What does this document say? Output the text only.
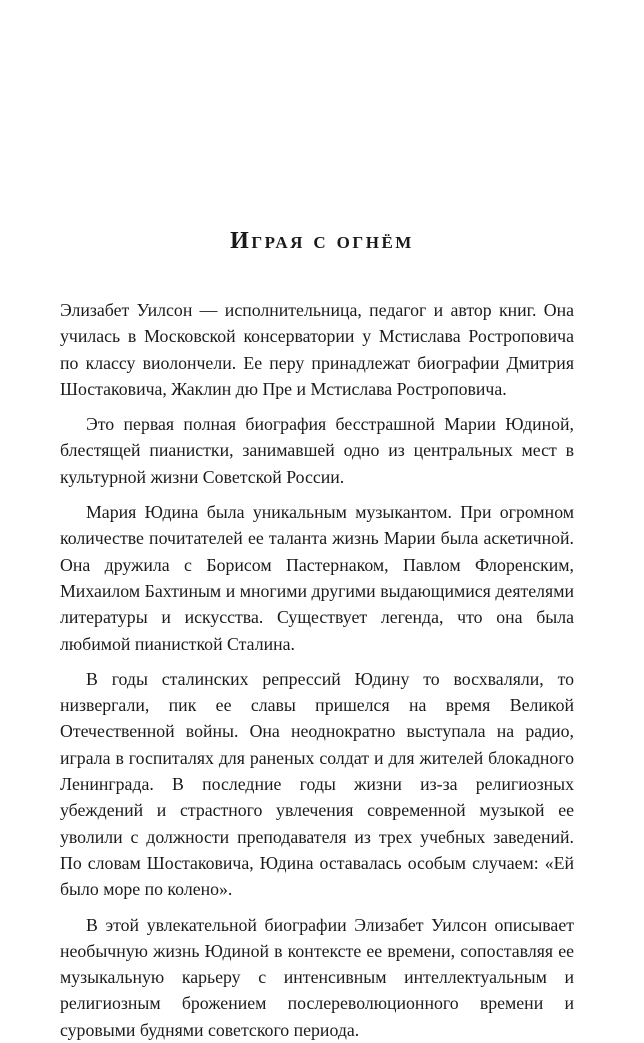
Играя с огнём

Элизабет Уилсон — исполнительница, педагог и автор книг. Она училась в Московской консерватории у Мстислава Ростроповича по классу виолончели. Ее перу принадлежат биографии Дмитрия Шостаковича, Жаклин дю Пре и Мстислава Ростроповича.

Это первая полная биография бесстрашной Марии Юдиной, блестящей пианистки, занимавшей одно из центральных мест в культурной жизни Советской России.

Мария Юдина была уникальным музыкантом. При огромном количестве почитателей ее таланта жизнь Марии была аскетичной. Она дружила с Борисом Пастернаком, Павлом Флоренским, Михаилом Бахтиным и многими другими выдающимися деятелями литературы и искусства. Существует легенда, что она была любимой пианисткой Сталина.

В годы сталинских репрессий Юдину то восхваляли, то низвергали, пик ее славы пришелся на время Великой Отечественной войны. Она неоднократно выступала на радио, играла в госпиталях для раненых солдат и для жителей блокадного Ленинграда. В последние годы жизни из-за религиозных убеждений и страстного увлечения современной музыкой ее уволили с должности преподавателя из трех учебных заведений. По словам Шостаковича, Юдина оставалась особым случаем: «Ей было море по колено».

В этой увлекательной биографии Элизабет Уилсон описывает необычную жизнь Юдиной в контексте ее времени, сопоставляя ее музыкальную карьеру с интенсивным интеллектуальным и религиозным брожением послереволюционного времени и суровыми буднями советского периода.
